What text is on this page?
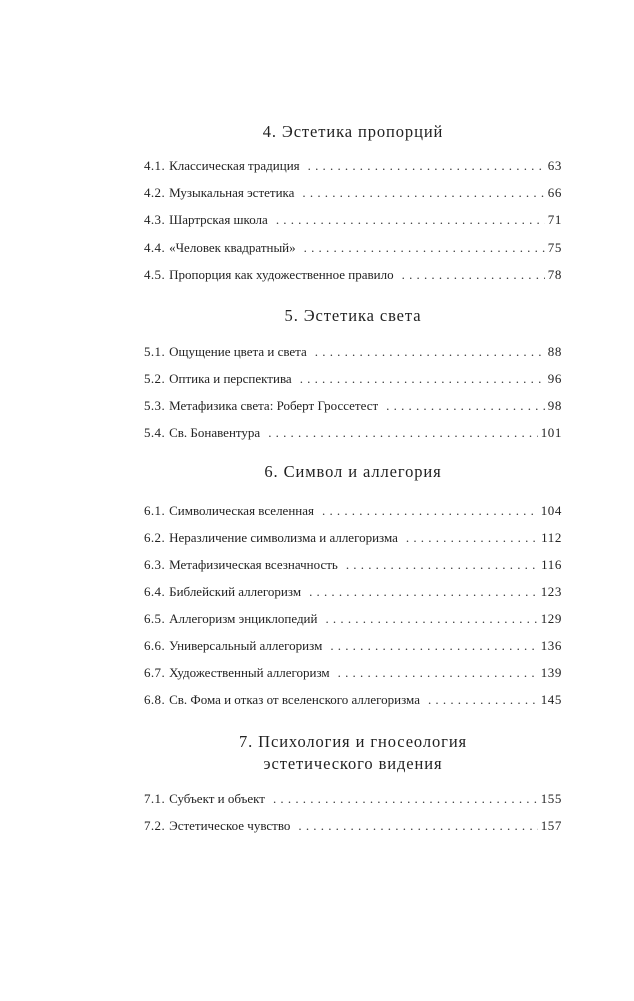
4. Эстетика пропорций
4.1. Классическая традиция .....	63
4.2. Музыкальная эстетика .....	66
4.3. Шартрская школа .....	71
4.4. «Человек квадратный» .....	75
4.5. Пропорция как художественное правило .....	78
5. Эстетика света
5.1. Ощущение цвета и света .....	88
5.2. Оптика и перспектива .....	96
5.3. Метафизика света: Роберт Гроссетест .....	98
5.4. Св. Бонавентура .....	101
6. Символ и аллегория
6.1. Символическая вселенная .....	104
6.2. Неразличение символизма и аллегоризма .....	112
6.3. Метафизическая всезначность .....	116
6.4. Библейский аллегоризм .....	123
6.5. Аллегоризм энциклопедий .....	129
6.6. Универсальный аллегоризм .....	136
6.7. Художественный аллегоризм .....	139
6.8. Св. Фома и отказ от вселенского аллегоризма .....	145
7. Психология и гносеология
эстетического видения
7.1. Субъект и объект .....	155
7.2. Эстетическое чувство .....	157
